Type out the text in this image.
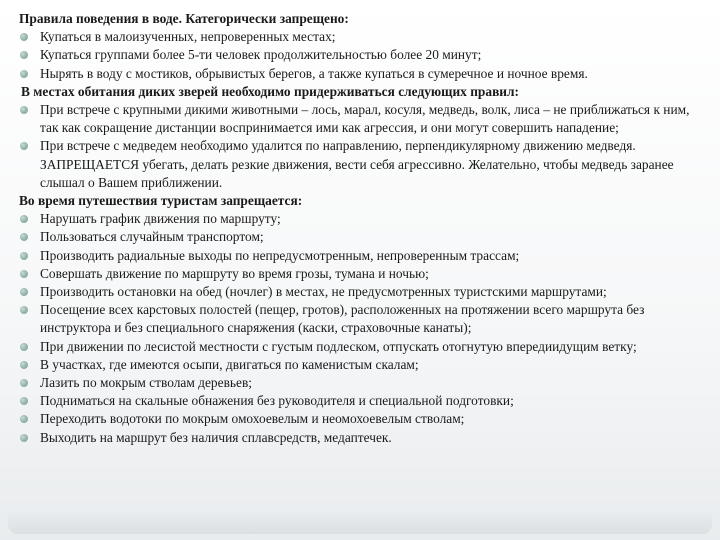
Правила поведения в воде. Категорически запрещено:

Купаться в малоизученных, непроверенных местах;
Купаться группами более 5-ти человек продолжительностью более 20 минут;
Нырять в воду с мостиков, обрывистых берегов, а также купаться в сумеречное и ночное время.

В местах обитания диких зверей необходимо придерживаться следующих правил:

При встрече с крупными дикими животными – лось, марал, косуля, медведь, волк, лиса – не приближаться к ним, так как сокращение дистанции воспринимается ими как агрессия, и они могут совершить нападение;
При встрече с медведем необходимо удалится по направлению, перпендикулярному движению медведя. ЗАПРЕЩАЕТСЯ убегать, делать резкие движения, вести себя агрессивно. Желательно, чтобы медведь заранее слышал о Вашем приближении.

Во время путешествия туристам запрещается:

Нарушать график движения по маршруту;
Пользоваться случайным транспортом;
Производить радиальные выходы по непредусмотренным, непроверенным трассам;
Совершать движение по маршруту во время грозы, тумана и ночью;
Производить остановки на обед (ночлег) в местах, не предусмотренных туристскими маршрутами;
Посещение всех карстовых полостей (пещер, гротов), расположенных на протяжении всего маршрута без инструктора и без специального снаряжения (каски, страховочные канаты);
При движении по лесистой местности с густым подлеском, отпускать отогнутую впередиидущим ветку;
В участках, где имеются осыпи, двигаться по каменистым скалам;
Лазить по мокрым стволам деревьев;
Подниматься на скальные обнажения без руководителя и специальной подготовки;
Переходить водотоки по мокрым омохоевелым и неомохоевелым стволам;
Выходить на маршрут без наличия сплавсредств, медаптечек.
